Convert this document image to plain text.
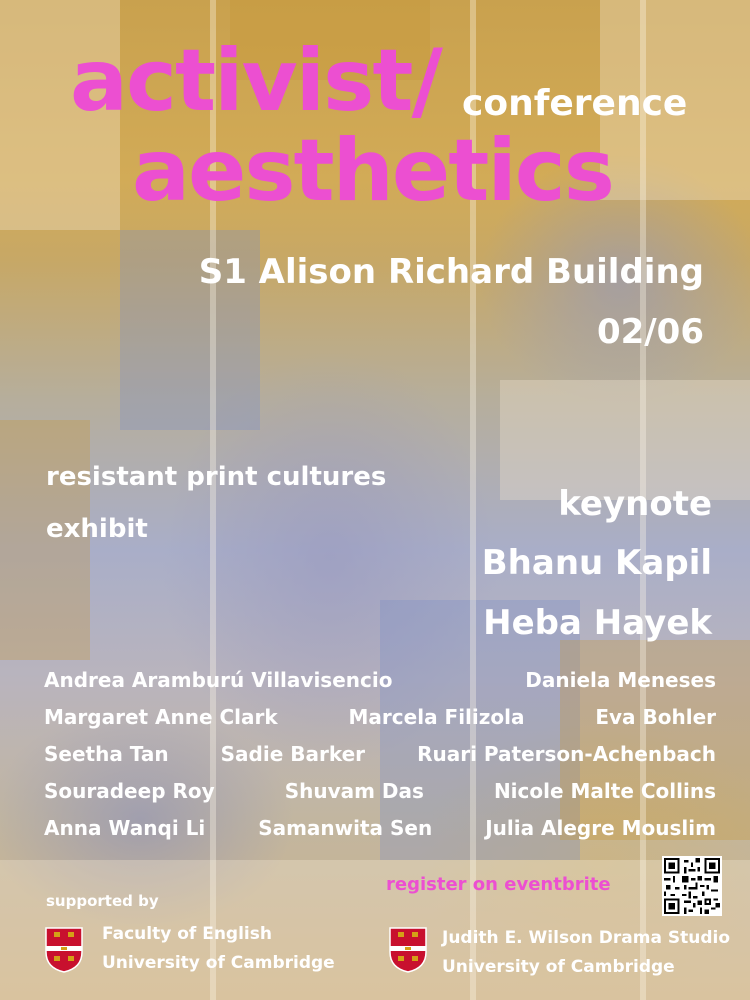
activist/ conference
aesthetics
S1 Alison Richard Building
02/06
resistant print cultures
exhibit
keynote
Bhanu Kapil
Heba Hayek
Andrea Aramburú Villavisencio	Daniela Meneses
Margaret Anne Clark	Marcela Filizola	Eva Bohler
Seetha Tan	Sadie Barker	Ruari Paterson-Achenbach
Souradeep Roy	Shuvam Das	Nicole Malte Collins
Anna Wanqi Li	Samanwita Sen	Julia Alegre Mouslim
register on eventbrite
supported by
Faculty of English
University of Cambridge
Judith E. Wilson Drama Studio
University of Cambridge
